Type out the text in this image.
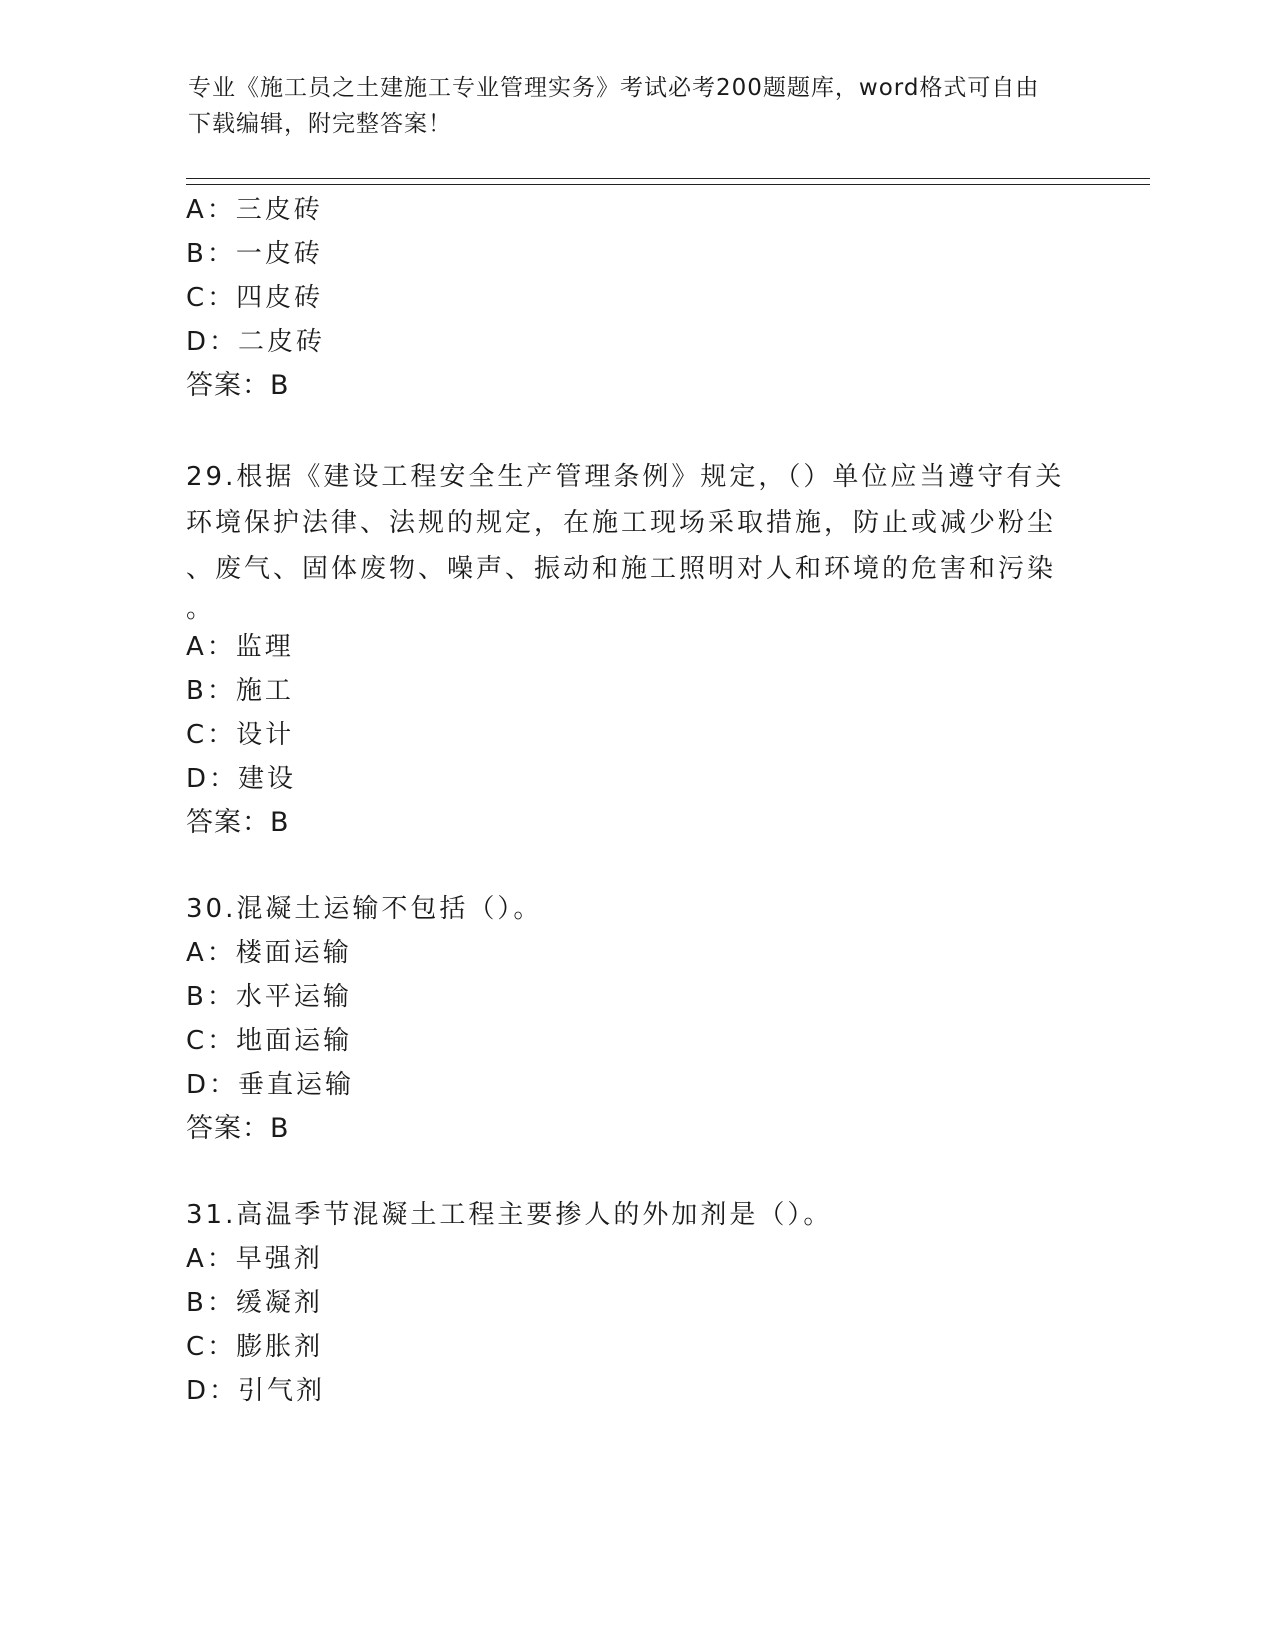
专业《施工员之土建施工专业管理实务》考试必考200题题库，word格式可自由
下载编辑，附完整答案！
A：三皮砖
B：一皮砖
C：四皮砖
D：二皮砖
答案：B
29.根据《建设工程安全生产管理条例》规定，（）单位应当遵守有关
环境保护法律、法规的规定，在施工现场采取措施，防止或减少粉尘
、废气、固体废物、噪声、振动和施工照明对人和环境的危害和污染
。
A：监理
B：施工
C：设计
D：建设
答案：B
30.混凝土运输不包括（）。
A：楼面运输
B：水平运输
C：地面运输
D：垂直运输
答案：B
31.高温季节混凝土工程主要掺人的外加剂是（）。
A：早强剂
B：缓凝剂
C：膨胀剂
D：引气剂
